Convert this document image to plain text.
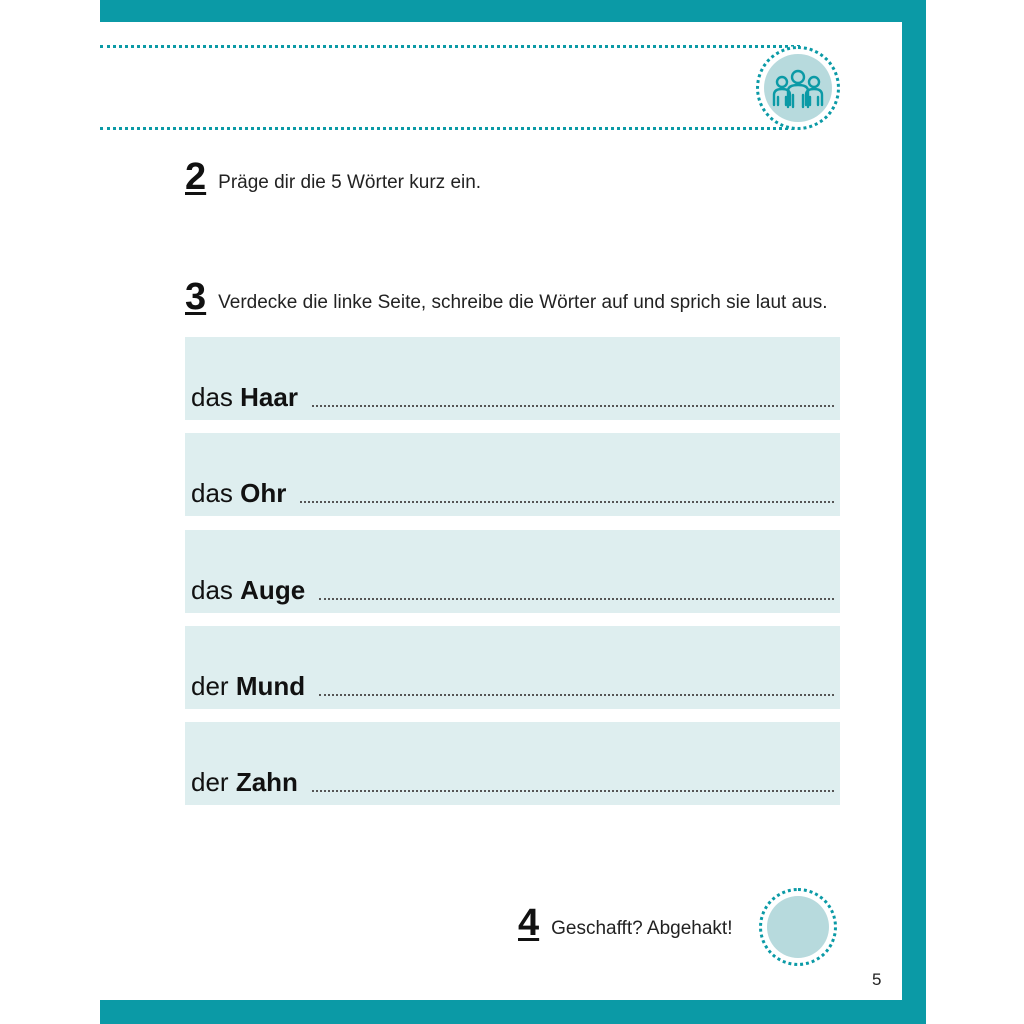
2 Präge dir die 5 Wörter kurz ein.
3 Verdecke die linke Seite, schreibe die Wörter auf und sprich sie laut aus.
das Haar
das Ohr
das Auge
der Mund
der Zahn
4 Geschafft? Abgehakt!
5
